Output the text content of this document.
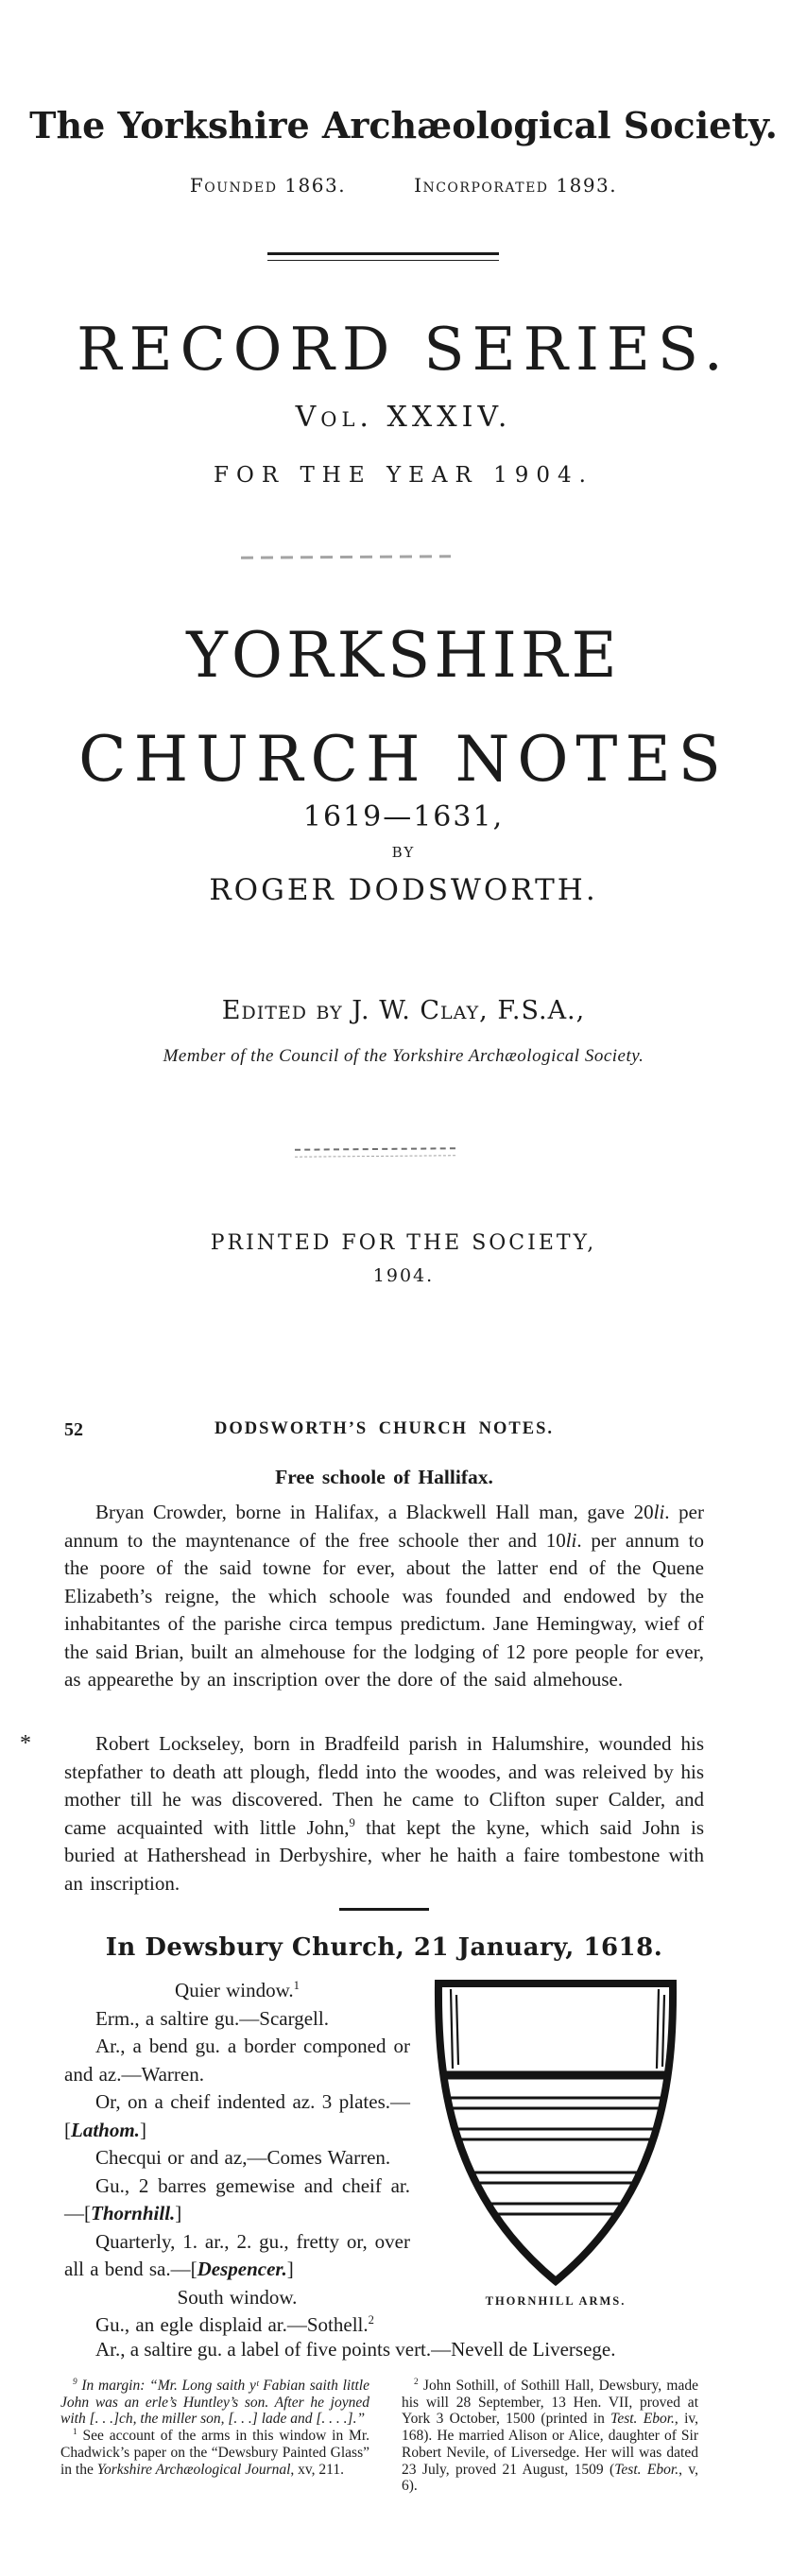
The Yorkshire Archæological Society.
Founded 1863.	Incorporated 1893.
RECORD SERIES.
Vol. XXXIV.
FOR THE YEAR 1904.
YORKSHIRE
CHURCH NOTES
1619—1631,
BY
ROGER DODSWORTH.
Edited by J. W. Clay, F.S.A.,
Member of the Council of the Yorkshire Archæological Society.
PRINTED FOR THE SOCIETY,
1904.
52	DODSWORTH’S CHURCH NOTES.
Free schoole of Hallifax.

Bryan Crowder, borne in Halifax, a Blackwell Hall man, gave 20li. per annum to the mayntenance of the free schoole ther and 10li. per annum to the poore of the said towne for ever, about the latter end of the Quene Elizabeth’s reigne, the which schoole was founded and endowed by the inhabitantes of the parishe circa tempus predictum. Jane Hemingway, wief of the said Brian, built an almehouse for the lodging of 12 pore people for ever, as appearethe by an inscription over the dore of the said almehouse.

*	Robert Lockseley, born in Bradfeild parish in Halumshire, wounded his stepfather to death att plough, fledd into the woodes, and was releived by his mother till he was discovered. Then he came to Clifton super Calder, and came acquainted with little John,$^9$ that kept the kyne, which said John is buried at Hathershead in Derbyshire, wher he haith a faire tombestone with an inscription.

In Dewsbury Church, 21 January, 1618.

Quier window.$^1$

Erm., a saltire gu.—Scargell.

Ar., a bend gu. a border componed or and az.—Warren.

Or, on a cheif indented az. 3 plates.—[Lathom.]

Checqui or and az,—Comes Warren.

Gu., 2 barres gemewise and cheif ar.—[Thornhill.]

Quarterly, 1. ar., 2. gu., fretty or, over all a bend sa.—[Despencer.]

South window.

Gu., an egle displaid ar.—Sothell.$^2$

THORNHILL ARMS.

Ar., a saltire gu. a label of five points vert.—Nevell de Liversege.

$^9$ In margin: “Mr. Long saith yᵗ Fabian saith little John was an erle’s Huntley’s son. After he joyned with [. . .]ch, the miller son, [. . .] lade and [. . . .].”

$^1$ See account of the arms in this window in Mr. Chadwick’s paper on the “Dewsbury Painted Glass” in the Yorkshire Archæological Journal, xv, 211.

$^2$ John Sothill, of Sothill Hall, Dewsbury, made his will 28 September, 13 Hen. VII, proved at York 3 October, 1500 (printed in Test. Ebor., iv, 168). He married Alison or Alice, daughter of Sir Robert Nevile, of Liversedge. Her will was dated 23 July, proved 21 August, 1509 (Test. Ebor., v, 6).
